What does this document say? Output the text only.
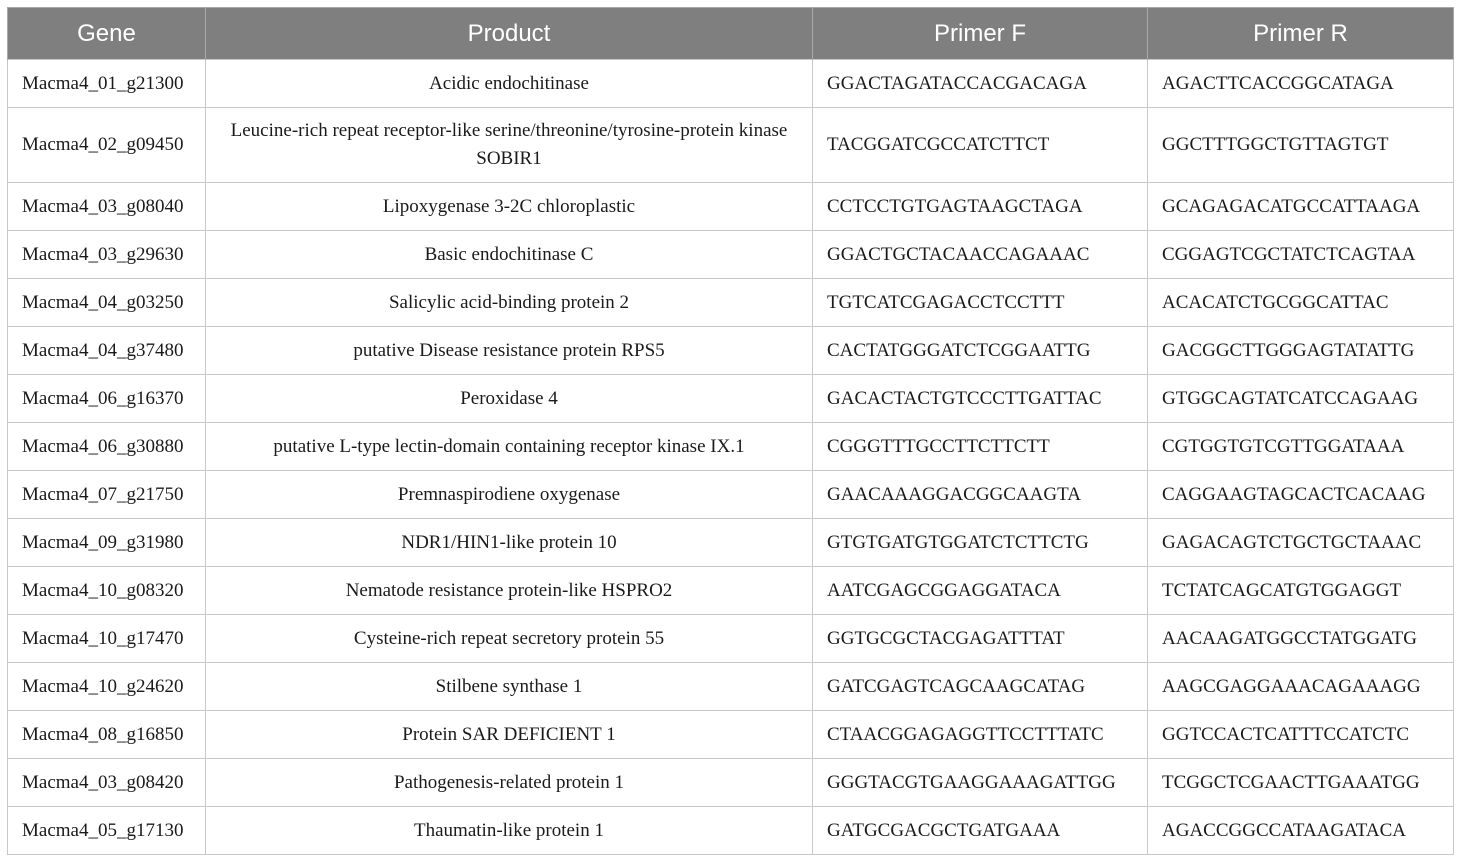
Gene	Product	Primer F	Primer R
Macma4_01_g21300	Acidic endochitinase	GGACTAGATACCACGACAGA	AGACTTCACCGGCATAGA
Macma4_02_g09450	Leucine-rich repeat receptor-like serine/threonine/tyrosine-protein kinase SOBIR1	TACGGATCGCCATCTTCT	GGCTTTGGCTGTTAGTGT
Macma4_03_g08040	Lipoxygenase 3-2C chloroplastic	CCTCCTGTGAGTAAGCTAGA	GCAGAGACATGCCATTAAGA
Macma4_03_g29630	Basic endochitinase C	GGACTGCTACAACCAGAAAC	CGGAGTCGCTATCTCAGTAA
Macma4_04_g03250	Salicylic acid-binding protein 2	TGTCATCGAGACCTCCTTT	ACACATCTGCGGCATTAC
Macma4_04_g37480	putative Disease resistance protein RPS5	CACTATGGGATCTCGGAATTG	GACGGCTTGGGAGTATATTG
Macma4_06_g16370	Peroxidase 4	GACACTACTGTCCCTTGATTAC	GTGGCAGTATCATCCAGAAG
Macma4_06_g30880	putative L-type lectin-domain containing receptor kinase IX.1	CGGGTTTGCCTTCTTCTT	CGTGGTGTCGTTGGATAAA
Macma4_07_g21750	Premnaspirodiene oxygenase	GAACAAAGGACGGCAAGTA	CAGGAAGTAGCACTCACAAG
Macma4_09_g31980	NDR1/HIN1-like protein 10	GTGTGATGTGGATCTCTTCTG	GAGACAGTCTGCTGCTAAAC
Macma4_10_g08320	Nematode resistance protein-like HSPRO2	AATCGAGCGGAGGATACA	TCTATCAGCATGTGGAGGT
Macma4_10_g17470	Cysteine-rich repeat secretory protein 55	GGTGCGCTACGAGATTTAT	AACAAGATGGCCTATGGATG
Macma4_10_g24620	Stilbene synthase 1	GATCGAGTCAGCAAGCATAG	AAGCGAGGAAACAGAAAGG
Macma4_08_g16850	Protein SAR DEFICIENT 1	CTAACGGAGAGGTTCCTTTATC	GGTCCACTCATTTCCATCTC
Macma4_03_g08420	Pathogenesis-related protein 1	GGGTACGTGAAGGAAAGATTGG	TCGGCTCGAACTTGAAATGG
Macma4_05_g17130	Thaumatin-like protein 1	GATGCGACGCTGATGAAA	AGACCGGCCATAAGATACA
